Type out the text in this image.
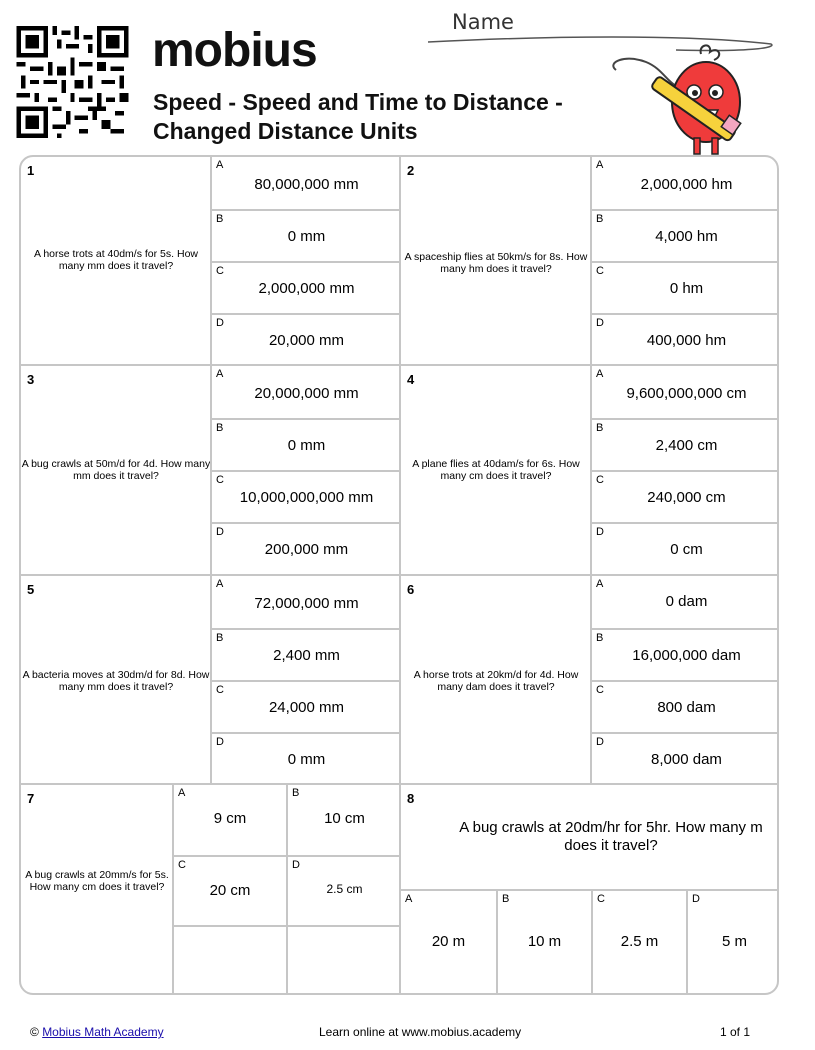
mobius
Speed - Speed and Time to Distance - Changed Distance Units
Name
1
A horse trots at 40dm/s for 5s. How many mm does it travel?
A
80,000,000 mm
B
0 mm
C
2,000,000 mm
D
20,000 mm
2
A spaceship flies at 50km/s for 8s. How many hm does it travel?
A
2,000,000 hm
B
4,000 hm
C
0 hm
D
400,000 hm
3
A bug crawls at 50m/d for 4d. How many mm does it travel?
A
20,000,000 mm
B
0 mm
C
10,000,000,000 mm
D
200,000 mm
4
A plane flies at 40dam/s for 6s. How many cm does it travel?
A
9,600,000,000 cm
B
2,400 cm
C
240,000 cm
D
0 cm
5
A bacteria moves at 30dm/d for 8d. How many mm does it travel?
A
72,000,000 mm
B
2,400 mm
C
24,000 mm
D
0 mm
6
A horse trots at 20km/d for 4d. How many dam does it travel?
A
0 dam
B
16,000,000 dam
C
800 dam
D
8,000 dam
7
A bug crawls at 20mm/s for 5s. How many cm does it travel?
A
9 cm
B
10 cm
C
20 cm
D
2.5 cm
8
A bug crawls at 20dm/hr for 5hr. How many m does it travel?
A
20 m
B
10 m
C
2.5 m
D
5 m
© Mobius Math Academy	Learn online at www.mobius.academy	1 of 1
